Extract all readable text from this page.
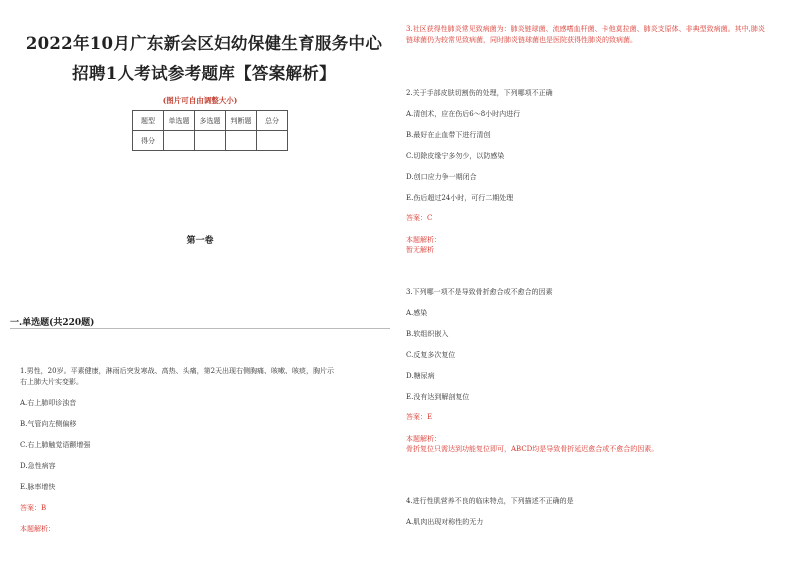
2022年10月广东新会区妇幼保健生育服务中心
招聘1人考试参考题库【答案解析】
(图片可自由调整大小)
题型	单选题	多选题	判断题	总分
得分				
第一卷
一.单选题(共220题)
1.男性，20岁。平素健康，淋雨后突发寒战、高热、头痛，第2天出现右侧胸痛、咳嗽、咳痰，胸片示
右上肺大片实变影。
A.右上肺叩诊浊音
B.气管向左侧偏移
C.右上肺触觉语颤增强
D.急性病容
E.脉率增快
答案：B
本题解析：
3.社区获得性肺炎常见致病菌为：肺炎链球菌、流感嗜血杆菌、卡他莫拉菌、肺炎支原体、非典型致病菌。其中,肺炎
链球菌仍为较常见致病菌，同时肺炎链球菌也是医院获得性肺炎的致病菌。
2.关于手部皮肤切割伤的处理，下列哪项不正确
A.清创术，应在伤后6～8小时内进行
B.最好在止血带下进行清创
C.切除皮缘宁多勿少，以防感染
D.创口应力争一期闭合
E.伤后超过24小时，可行二期处理
答案：C
本题解析：
暂无解析
3.下列哪一项不是导致骨折愈合或不愈合的因素
A.感染
B.软组织嵌入
C.反复多次复位
D.糖尿病
E.没有达到解剖复位
答案：E
本题解析：
骨折复位只需达到功能复位即可，ABCD均是导致骨折延迟愈合或不愈合的因素。
4.进行性肌营养不良的临床特点，下列描述不正确的是
A.肌肉出现对称性的无力
